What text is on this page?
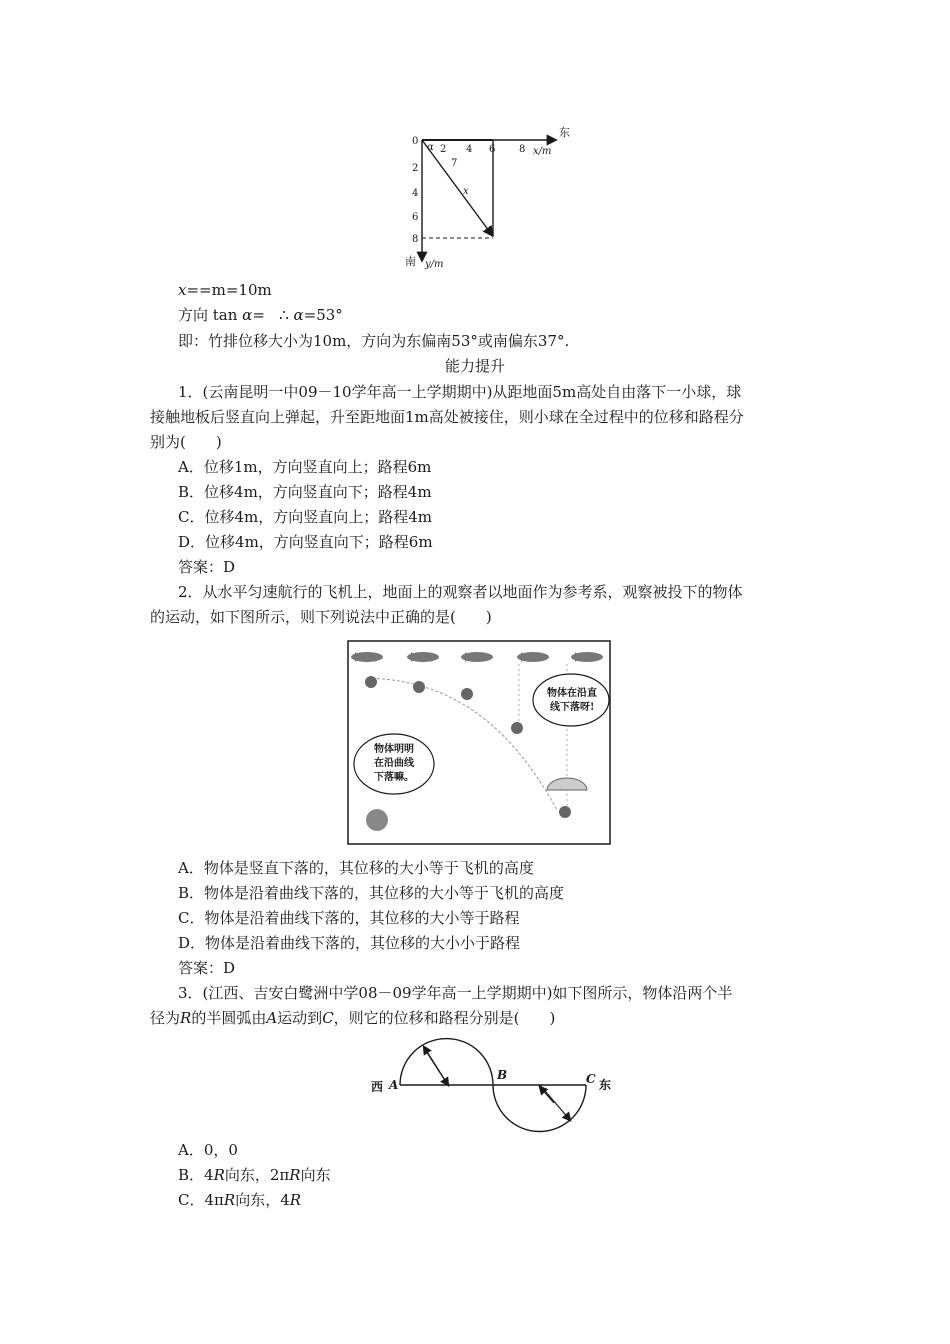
东
0
α 2 4 6 8 x/m
7
x
2
4
6
8
南 y/m
x==m=10m
方向 tan α=   ∴ α=53°
即：竹排位移大小为10m，方向为东偏南53°或南偏东37°.
能力提升
1．(云南昆明一中09－10学年高一上学期期中)从距地面5m高处自由落下一小球，球
接触地板后竖直向上弹起，升至距地面1m高处被接住，则小球在全过程中的位移和路程分
别为(　　)
A．位移1m，方向竖直向上；路程6m
B．位移4m，方向竖直向下；路程4m
C．位移4m，方向竖直向上；路程4m
D．位移4m，方向竖直向下；路程6m
答案：D
2．从水平匀速航行的飞机上，地面上的观察者以地面作为参考系，观察被投下的物体
的运动，如下图所示，则下列说法中正确的是(　　)
物体在沿直
线下落呀!
物体明明
在沿曲线
下落嘛。
A．物体是竖直下落的，其位移的大小等于飞机的高度
B．物体是沿着曲线下落的，其位移的大小等于飞机的高度
C．物体是沿着曲线下落的，其位移的大小等于路程
D．物体是沿着曲线下落的，其位移的大小小于路程
答案：D
3．(江西、吉安白鹭洲中学08－09学年高一上学期期中)如下图所示，物体沿两个半
径为R的半圆弧由A运动到C，则它的位移和路程分别是(　　)
西 A
B	C 东
A．0，0
B．4R向东，2πR向东
C．4πR向东，4R
